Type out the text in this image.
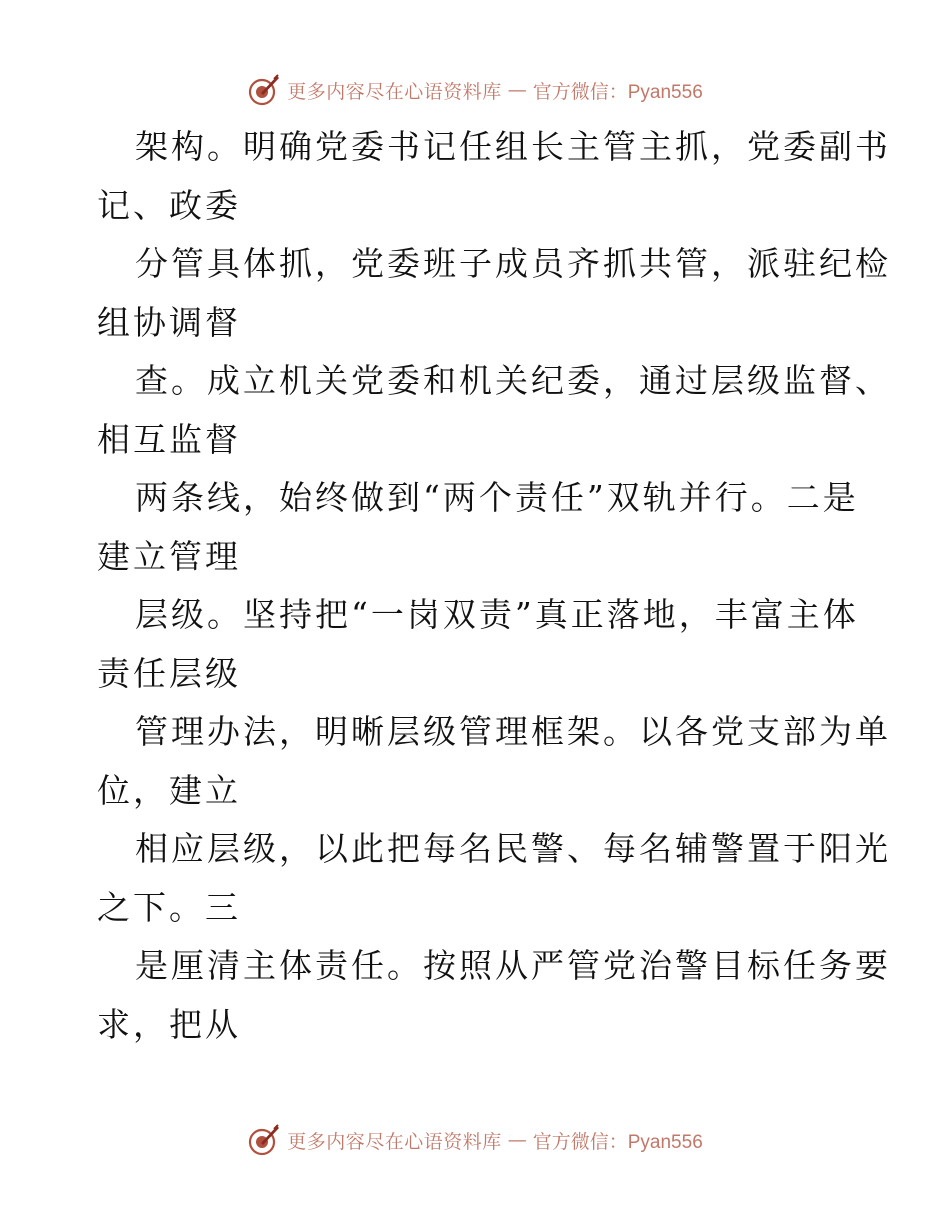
更多内容尽在心语资料库 — 官方微信：Pyan556
架构。明确党委书记任组长主管主抓，党委副书
记、政委
分管具体抓，党委班子成员齐抓共管，派驻纪检
组协调督
查。成立机关党委和机关纪委，通过层级监督、
相互监督
两条线，始终做到“两个责任”双轨并行。二是
建立管理
层级。坚持把“一岗双责”真正落地，丰富主体
责任层级
管理办法，明晰层级管理框架。以各党支部为单
位，建立
相应层级，以此把每名民警、每名辅警置于阳光
之下。三
是厘清主体责任。按照从严管党治警目标任务要
求，把从
更多内容尽在心语资料库 — 官方微信：Pyan556
